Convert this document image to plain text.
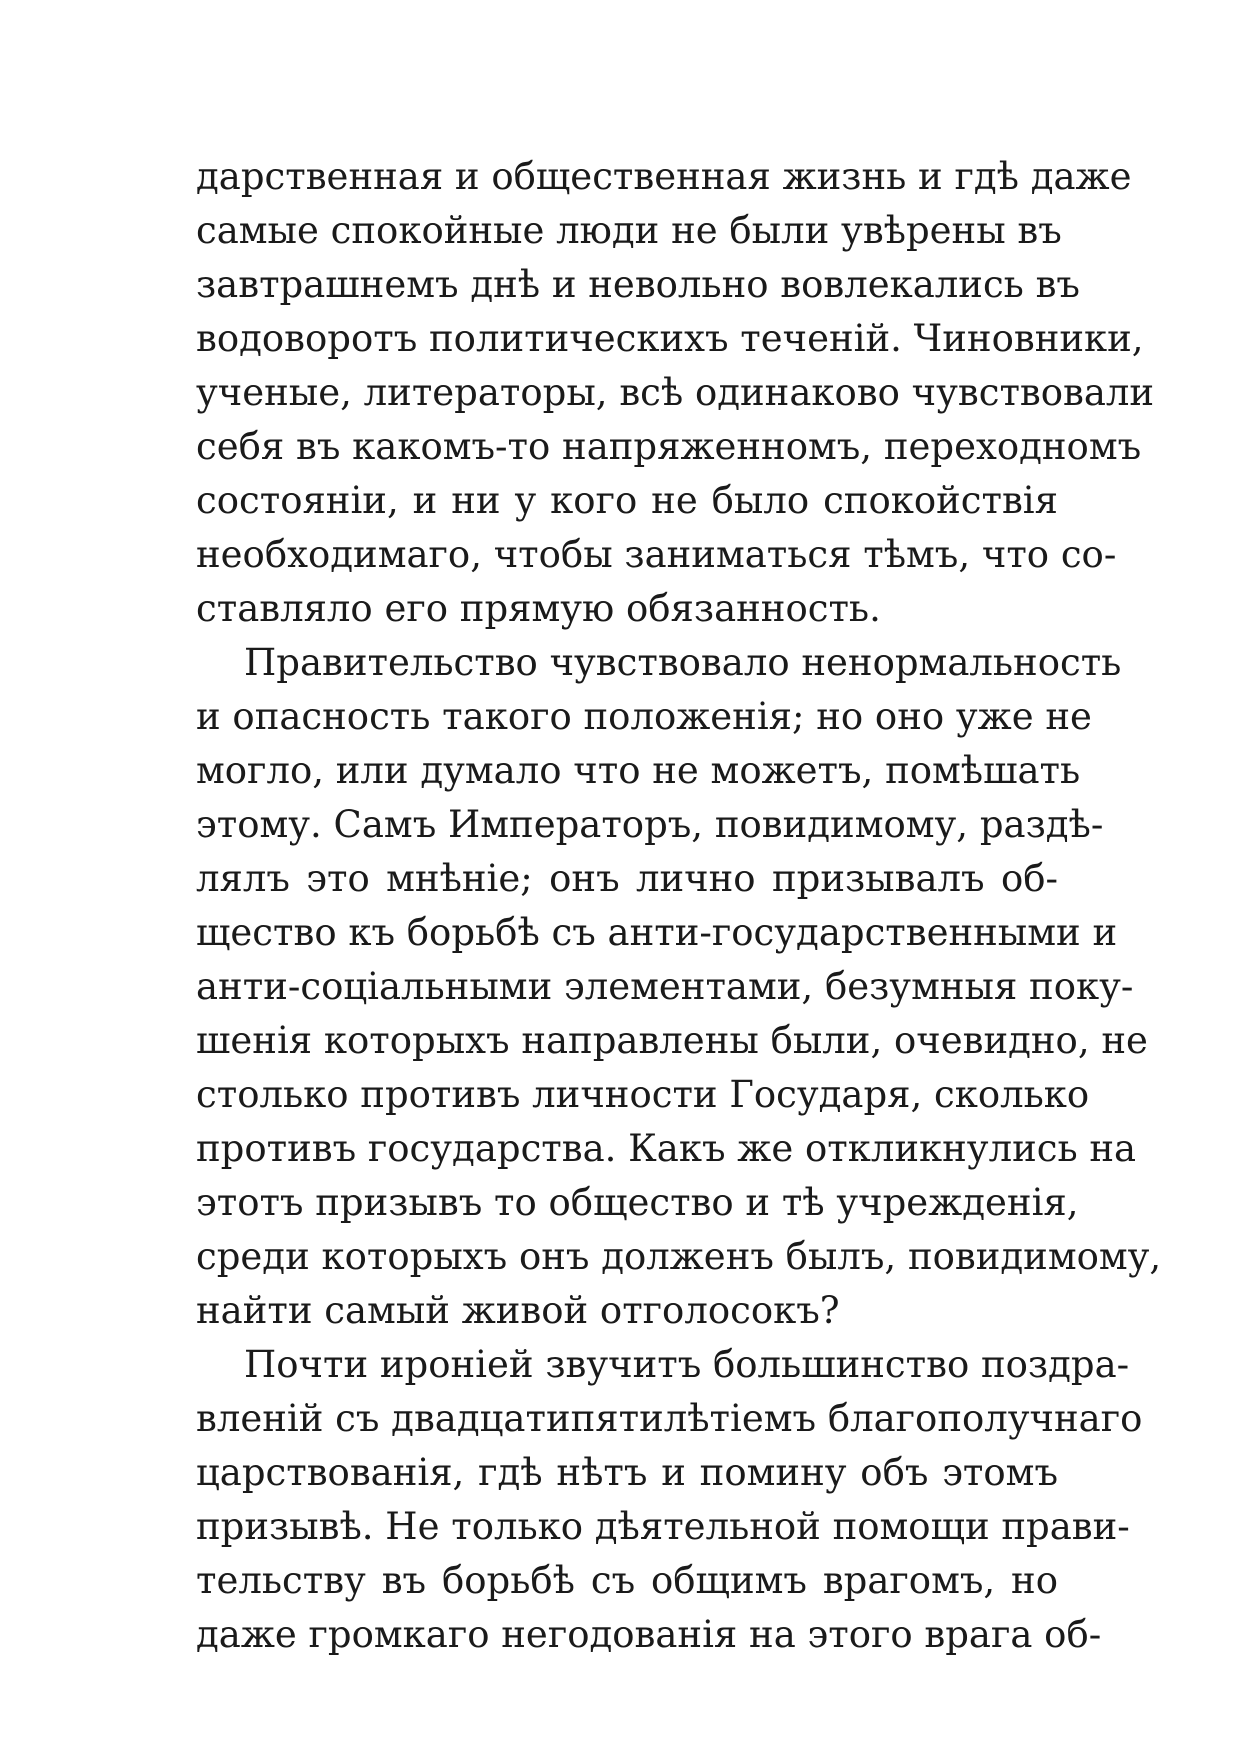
дарственная и общественная жизнь и гдѣ даже
самые спокойные люди не были увѣрены въ
завтрашнемъ днѣ и невольно вовлекались въ
водоворотъ политическихъ теченій. Чиновники,
ученые, литераторы, всѣ одинаково чувствовали
себя въ какомъ-то напряженномъ, переходномъ
состояніи, и ни у кого не было спокойствія
необходимаго, чтобы заниматься тѣмъ, что со-
ставляло его прямую обязанность.
Правительство чувствовало ненормальность
и опасность такого положенія; но оно уже не
могло, или думало что не можетъ, помѣшать
этому. Самъ Императоръ, повидимому, раздѣ-
лялъ это мнѣніе; онъ лично призывалъ об-
щество къ борьбѣ съ анти-государственными и
анти-соціальными элементами, безумныя поку-
шенія которыхъ направлены были, очевидно, не
столько противъ личности Государя, сколько
противъ государства. Какъ же откликнулись на
этотъ призывъ то общество и тѣ учрежденія,
среди которыхъ онъ долженъ былъ, повидимому,
найти самый живой отголосокъ?
Почти ироніей звучитъ большинство поздра-
вленій съ двадцатипятилѣтіемъ благополучнаго
царствованія, гдѣ нѣтъ и помину объ этомъ
призывѣ. Не только дѣятельной помощи прави-
тельству въ борьбѣ съ общимъ врагомъ, но
даже громкаго негодованія на этого врага об-
